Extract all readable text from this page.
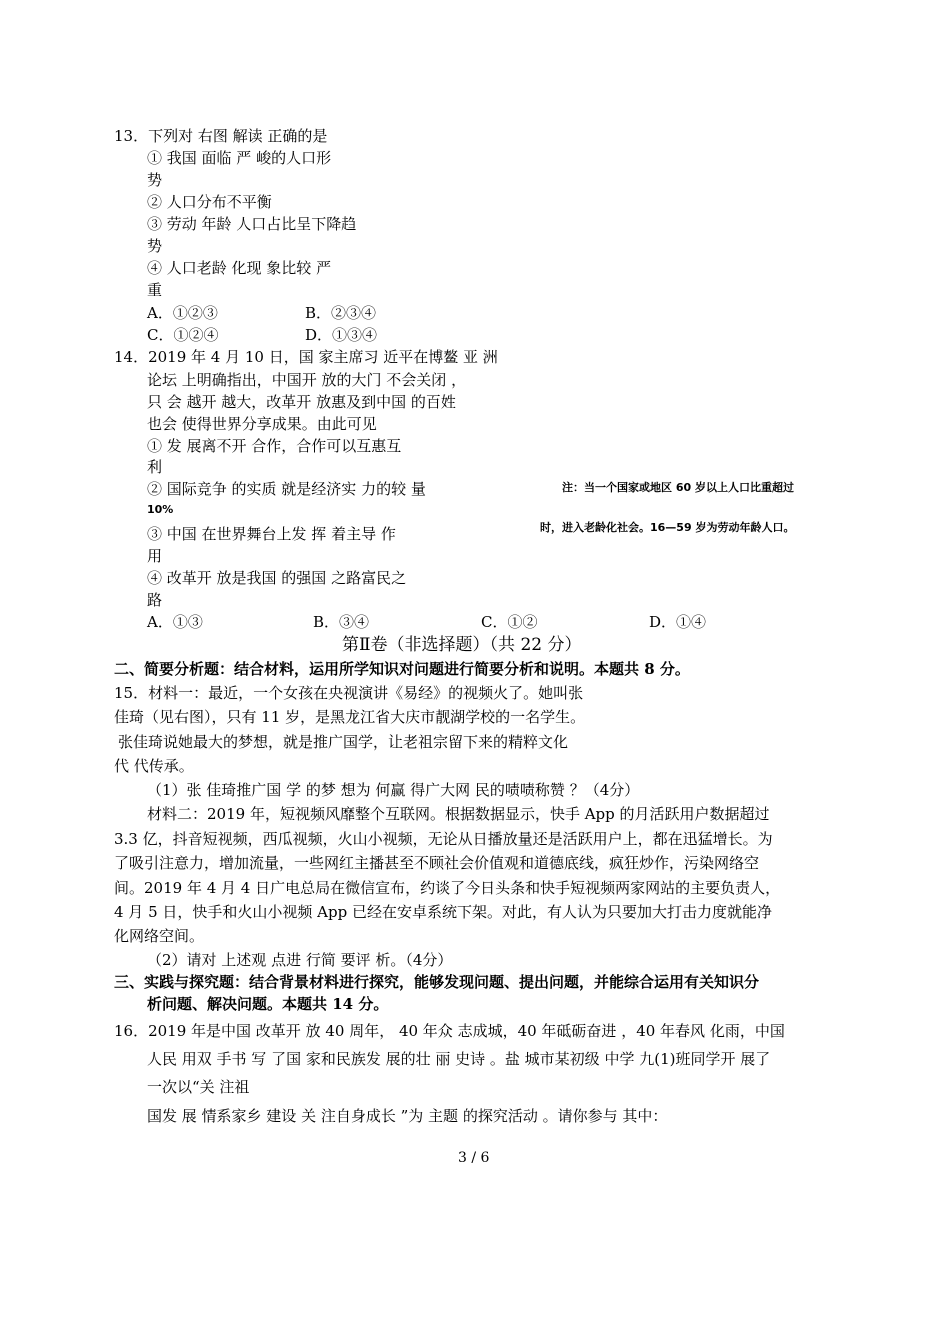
13．下列对 右图 解读 正确的是
① 我国 面临 严 峻的人口形
势
② 人口分布不平衡
③ 劳动 年龄 人口占比呈下降趋
势
④ 人口老龄 化现 象比较 严
重
A．①②③	B．②③④
C．①②④	D．①③④
14．2019 年 4 月 10 日，国 家主席习 近平在博鳌 亚 洲
论坛 上明确指出，中国开 放的大门 不会关闭 ，
只 会 越开 越大，改革开 放惠及到中国 的百姓
也会 使得世界分享成果。由此可见
① 发 展离不开 合作，合作可以互惠互
利
② 国际竞争 的实质 就是经济实 力的较 量
10%
③ 中国 在世界舞台上发 挥 着主导 作
用
④ 改革开 放是我国 的强国 之路富民之
路
A．①③	B．③④	C．①②	D．①④
注：当一个国家或地区 60 岁以上人口比重超过
时，进入老龄化社会。16—59 岁为劳动年龄人口。
第Ⅱ卷（非选择题）（共 22 分）
二、简要分析题：结合材料，运用所学知识对问题进行简要分析和说明。本题共 8 分。
15．材料一：最近，一个女孩在央视演讲《易经》的视频火了。她叫张
佳琦（见右图），只有 11 岁，是黑龙江省大庆市靓湖学校的一名学生。
张佳琦说她最大的梦想，就是推广国学，让老祖宗留下来的精粹文化
代 代传承。
（1）张 佳琦推广国 学 的梦 想为 何赢 得广大网 民的啧啧称赞 ？（4分）
材料二：2019 年，短视频风靡整个互联网。根据数据显示，快手 App 的月活跃用户数据超过
3.3 亿，抖音短视频，西瓜视频，火山小视频，无论从日播放量还是活跃用户上，都在迅猛增长。为
了吸引注意力，增加流量，一些网红主播甚至不顾社会价值观和道德底线，疯狂炒作，污染网络空
间。2019 年 4 月 4 日广电总局在微信宣布，约谈了今日头条和快手短视频两家网站的主要负责人，
4 月 5 日，快手和火山小视频 App 已经在安卓系统下架。对此，有人认为只要加大打击力度就能净
化网络空间。
（2）请对 上述观 点进 行简 要评 析。（4分）
三、实践与探究题：结合背景材料进行探究，能够发现问题、提出问题，并能综合运用有关知识分
析问题、解决问题。本题共 14 分。
16．2019 年是中国 改革开 放 40 周年， 40 年众 志成城，40 年砥砺奋进 ，40 年春风 化雨，中国
人民 用双 手书 写 了国 家和民族发 展的壮 丽 史诗 。盐 城市某初级 中学 九(1)班同学开 展了
一次以“关 注祖
国发 展 情系家乡 建设 关 注自身成长 ”为 主题 的探究活动 。请你参与 其中：
3 / 6
